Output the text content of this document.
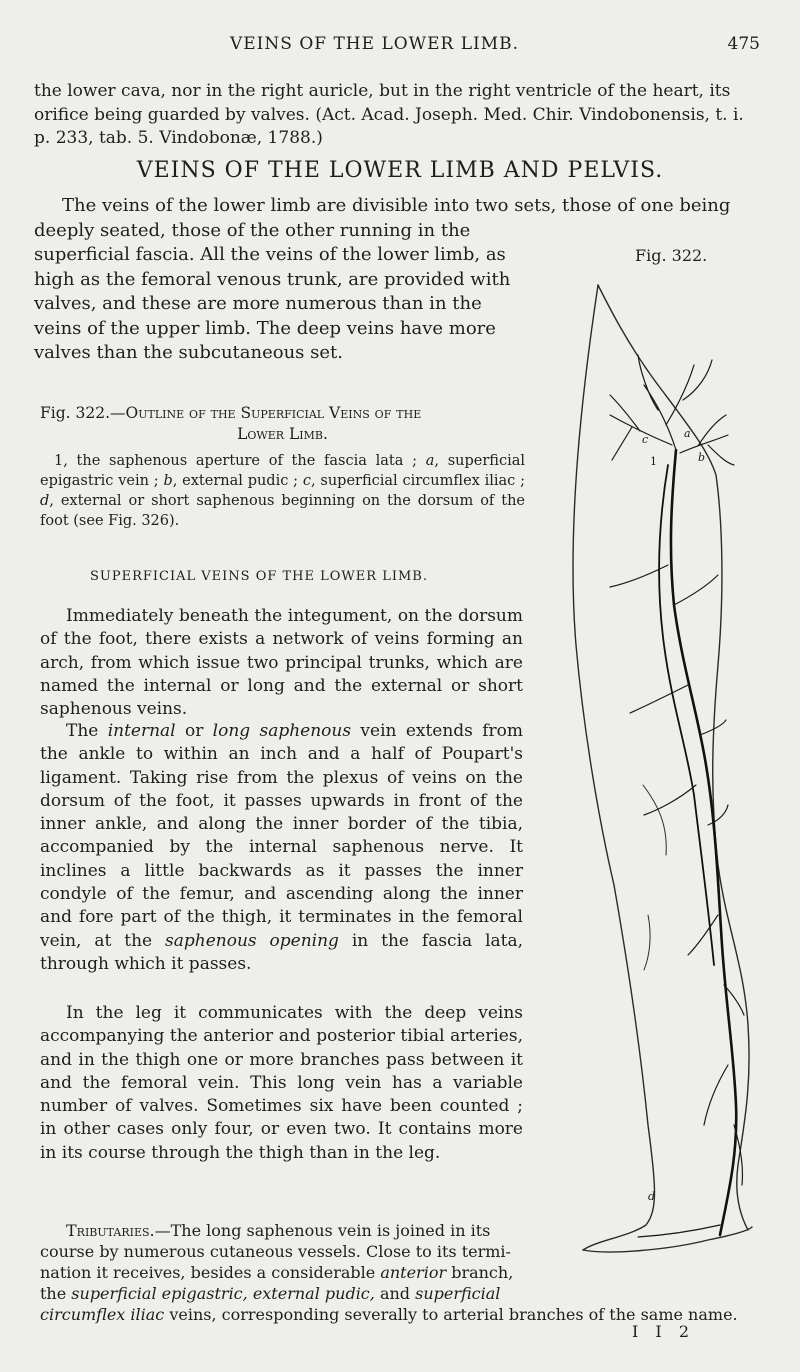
VEINS OF THE LOWER LIMB.	475
the lower cava, nor in the right auricle, but in the right ventricle of the heart, its
orifice being guarded by valves. (Act. Acad. Joseph. Med. Chir. Vindobonensis, t. i.
p. 233, tab. 5. Vindobonæ, 1788.)
VEINS OF THE LOWER LIMB AND PELVIS.
The veins of the lower limb are divisible into two sets, those of one being
deeply seated, those of the other running in the superficial fascia. All the veins of the lower limb, as high as the femoral venous trunk, are provided with valves, and these are more numerous than in the veins of the upper limb. The deep veins have more valves than the subcutaneous set.
Fig. 322.
a
b
c
d
1
Fig. 322.—Outline of the Superficial Veins of the
Lower Limb.
1, the saphenous aperture of the fascia lata ; a, superficial epigastric vein ; b, external pudic ; c, superficial circumflex iliac ; d, external or short saphenous beginning on the dorsum of the foot (see Fig. 326).
SUPERFICIAL VEINS OF THE LOWER LIMB.

Immediately beneath the integument, on the dorsum of the foot, there exists a network of veins forming an arch, from which issue two principal trunks, which are named the internal or long and the external or short saphenous veins.

The internal or long saphenous vein extends from the ankle to within an inch and a half of Poupart's ligament. Taking rise from the plexus of veins on the dorsum of the foot, it passes upwards in front of the inner ankle, and along the inner border of the tibia, accompanied by the internal saphenous nerve. It inclines a little backwards as it passes the inner condyle of the femur, and ascending along the inner and fore part of the thigh, it terminates in the femoral vein, at the saphenous opening in the fascia lata, through which it passes.

In the leg it communicates with the deep veins accompanying the anterior and posterior tibial arteries, and in the thigh one or more branches pass between it and the femoral vein. This long vein has a variable number of valves. Sometimes six have been counted ; in other cases only four, or even two. It contains more in its course through the thigh than in the leg.

Tributaries.—The long saphenous vein is joined in its
course by numerous cutaneous vessels. Close to its termi-
nation it receives, besides a considerable anterior branch,
the superficial epigastric, external pudic, and superficial
circumflex iliac veins, corresponding severally to arterial branches of the same name.
I I 2
